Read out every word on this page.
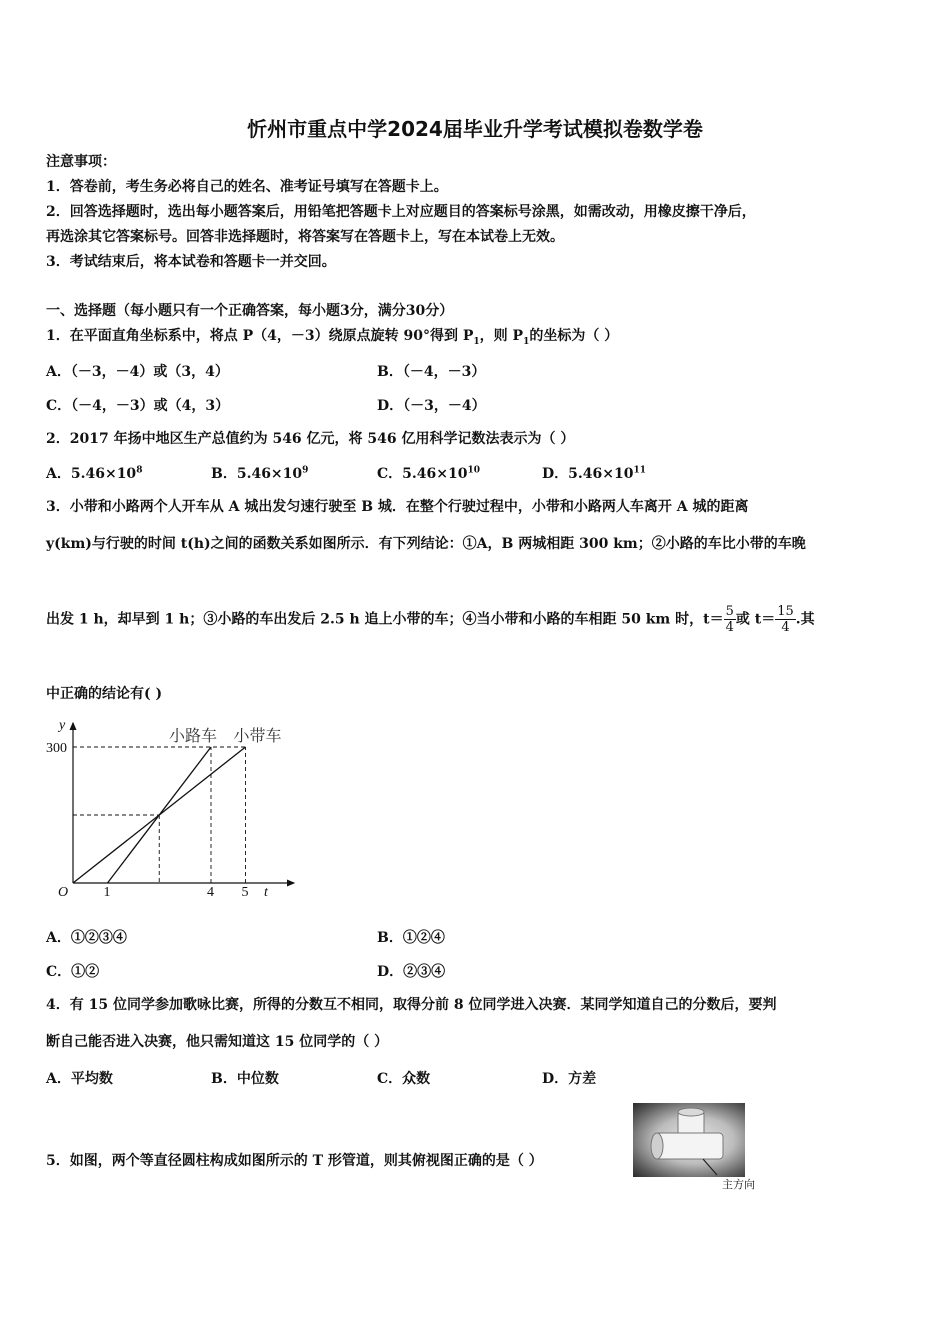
忻州市重点中学2024届毕业升学考试模拟卷数学卷
注意事项：
1．答卷前，考生务必将自己的姓名、准考证号填写在答题卡上。
2．回答选择题时，选出每小题答案后，用铅笔把答题卡上对应题目的答案标号涂黑，如需改动，用橡皮擦干净后，
再选涂其它答案标号。回答非选择题时，将答案写在答题卡上，写在本试卷上无效。
3．考试结束后，将本试卷和答题卡一并交回。
一、选择题（每小题只有一个正确答案，每小题3分，满分30分）
1．在平面直角坐标系中，将点 P（4，－3）绕原点旋转 90°得到 $P_1$，则 $P_1$的坐标为（ ）
A．（－3，－4）或（3，4）	B．（－4，－3）
C．（－4，－3）或（4，3）	D．（－3，－4）
2．2017 年扬中地区生产总值约为 546 亿元，将 546 亿用科学记数法表示为（ ）
A．$5.46\times 10^8$	B．$5.46\times 10^9$	C．$5.46\times 10^{10}$	D．$5.46\times 10^{11}$
3．小带和小路两个人开车从 A 城出发匀速行驶至 B 城．在整个行驶过程中，小带和小路两人车离开 A 城的距离
y(km)与行驶的时间 t(h)之间的函数关系如图所示．有下列结论：①A，B 两城相距 300 km；②小路的车比小带的车晚
出发 1 h，却早到 1 h；③小路的车出发后 2.5 h 追上小带的车；④当小带和小路的车相距 50 km 时，$t= \frac{5}{4}$ 或 $t= \frac{15}{4}$ .其
中正确的结论有( )
O	1	4 5
300
t
y
小路车 小带车
A．①②③④	B．①②④
C．①②	D．②③④
4．有 15 位同学参加歌咏比赛，所得的分数互不相同，取得分前 8 位同学进入决赛．某同学知道自己的分数后，要判
断自己能否进入决赛，他只需知道这 15 位同学的（ ）
A．平均数	B．中位数	C．众数	D．方差
5．如图，两个等直径圆柱构成如图所示的 T 形管道，则其俯视图正确的是（ ）
主方向
